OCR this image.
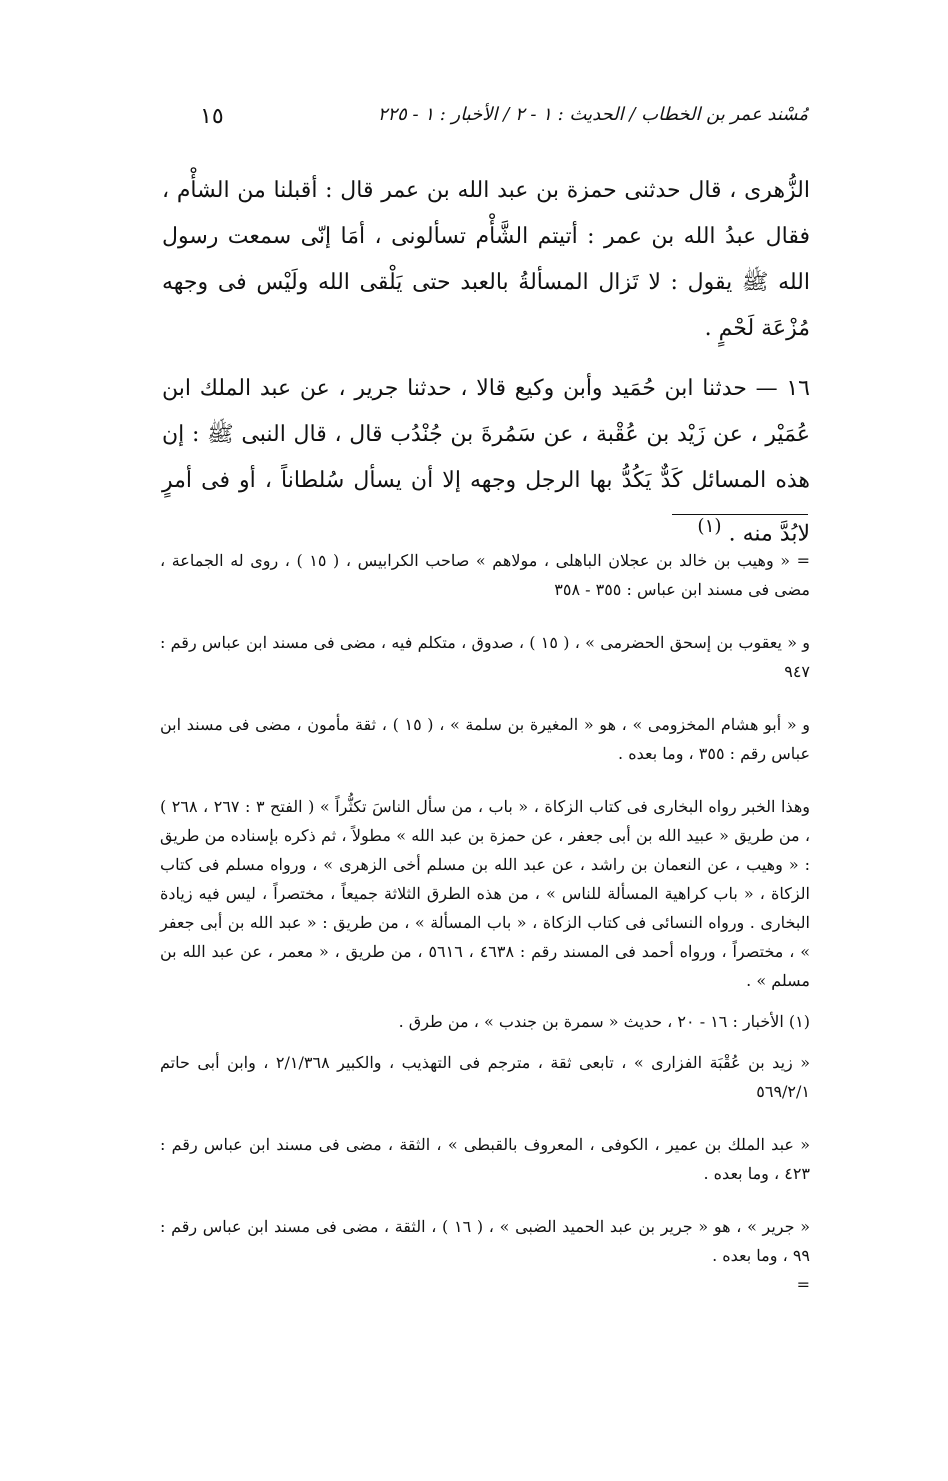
مُسْند عمر بن الخطاب / الحديث : ١ - ٢ / الأخبار : ١ - ٢٢٥
١٥

الزُّهرى ، قال حدثنى حمزة بن عبد الله بن عمر قال : أقبلنا من الشأْم ، فقال عبدُ الله بن عمر : أتيتم الشَّأْم تسألونى ، أمَا إنّى سمعت رسول الله ﷺ يقول : لا تَزال المسألةُ بالعبد حتى يَلْقى الله ولَيْس فى وجهه مُزْعَة لَحْمٍ .

١٦ — حدثنا ابن حُمَيد وأبن وكيع قالا ، حدثنا جرير ، عن عبد الملك ابن عُمَيْر ، عن زَيْد بن عُقْبة ، عن سَمُرةَ بن جُنْدُب قال ، قال النبى ﷺ : إن هذه المسائل كَدٌّ يَكُدُّ بها الرجل وجهه إلا أن يسأل سُلطاناً ، أو فى أمرٍ لابُدَّ منه . $^{(١)}$

= « وهيب بن خالد بن عجلان الباهلى ، مولاهم » صاحب الكرابيس ، ( ١٥ ) ، روى له الجماعة ، مضى فى مسند ابن عباس : ٣٥٥ - ٣٥٨

و « يعقوب بن إسحق الحضرمى » ، ( ١٥ ) ، صدوق ، متكلم فيه ، مضى فى مسند ابن عباس رقم : ٩٤٧

و « أبو هشام المخزومى » ، هو « المغيرة بن سلمة » ، ( ١٥ ) ، ثقة مأمون ، مضى فى مسند ابن عباس رقم : ٣٥٥ ، وما بعده .

وهذا الخبر رواه البخارى فى كتاب الزكاة ، « باب ، من سأل الناسَ تكثُّراً » ( الفتح ٣ : ٢٦٧ ، ٢٦٨ ) ، من طريق « عبيد الله بن أبى جعفر ، عن حمزة بن عبد الله » مطولاً ، ثم ذكره بإسناده من طريق : « وهيب ، عن النعمان بن راشد ، عن عبد الله بن مسلم أخى الزهرى » ، ورواه مسلم فى كتاب الزكاة ، « باب كراهية المسألة للناس » ، من هذه الطرق الثلاثة جميعاً ، مختصراً ، ليس فيه زيادة البخارى . ورواه النسائى فى كتاب الزكاة ، « باب المسألة » ، من طريق : « عبد الله بن أبى جعفر » ، مختصراً ، ورواه أحمد فى المسند رقم : ٤٦٣٨ ، ٥٦١٦ ، من طريق ، « معمر ، عن عبد الله بن مسلم » .

(١) الأخبار : ١٦ - ٢٠ ، حديث « سمرة بن جندب » ، من طرق .

« زيد بن عُقْبَة الفزارى » ، تابعى ثقة ، مترجم فى التهذيب ، والكبير ٢/١/٣٦٨ ، وابن أبى حاتم ٥٦٩/٢/١

« عبد الملك بن عمير ، الكوفى ، المعروف بالقبطى » ، الثقة ، مضى فى مسند ابن عباس رقم : ٤٢٣ ، وما بعده .

« جرير » ، هو « جرير بن عبد الحميد الضبى » ، ( ١٦ ) ، الثقة ، مضى فى مسند ابن عباس رقم : ٩٩ ، وما بعده .
=
